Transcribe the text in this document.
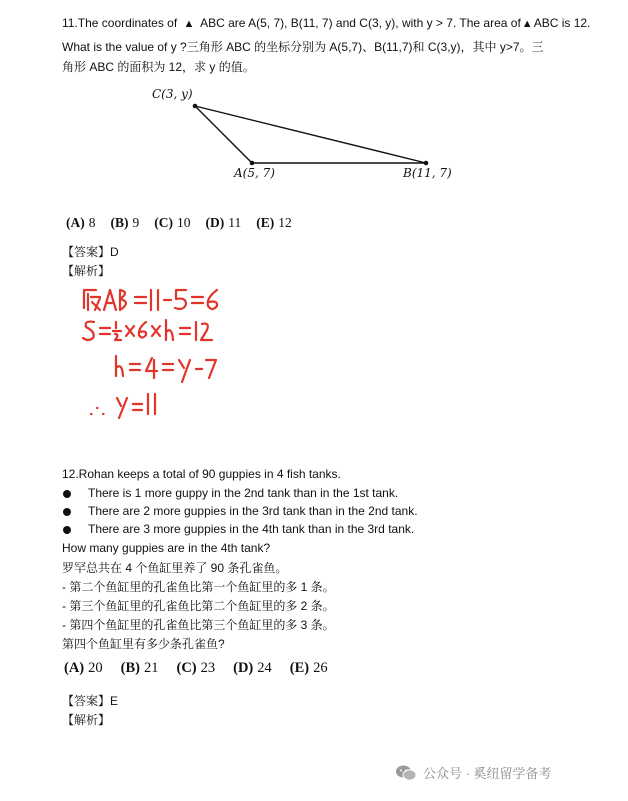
11.The coordinates of ▲ ABC are A(5, 7), B(11, 7) and C(3, y), with y > 7. The area of▲ABC is 12.
What is the value of y ?三角形 ABC 的坐标分别为 A(5,7)、B(11,7)和 C(3,y)，其中 y>7。三
角形 ABC 的面积为 12，求 y 的值。
C(3, y)
A(5, 7)	B(11, 7)
(A) 8 (B) 9 (C) 10 (D) 11 (E) 12
【答案】D
【解析】
12.Rohan keeps a total of 90 guppies in 4 fish tanks.
There is 1 more guppy in the 2nd tank than in the 1st tank.
There are 2 more guppies in the 3rd tank than in the 2nd tank.
There are 3 more guppies in the 4th tank than in the 3rd tank.
How many guppies are in the 4th tank?
罗罕总共在 4 个鱼缸里养了 90 条孔雀鱼。
- 第二个鱼缸里的孔雀鱼比第一个鱼缸里的多 1 条。
- 第三个鱼缸里的孔雀鱼比第二个鱼缸里的多 2 条。
- 第四个鱼缸里的孔雀鱼比第三个鱼缸里的多 3 条。
第四个鱼缸里有多少条孔雀鱼?
(A) 20 (B) 21 (C) 23 (D) 24 (E) 26
【答案】E
【解析】
公众号 · 奚纽留学备考
